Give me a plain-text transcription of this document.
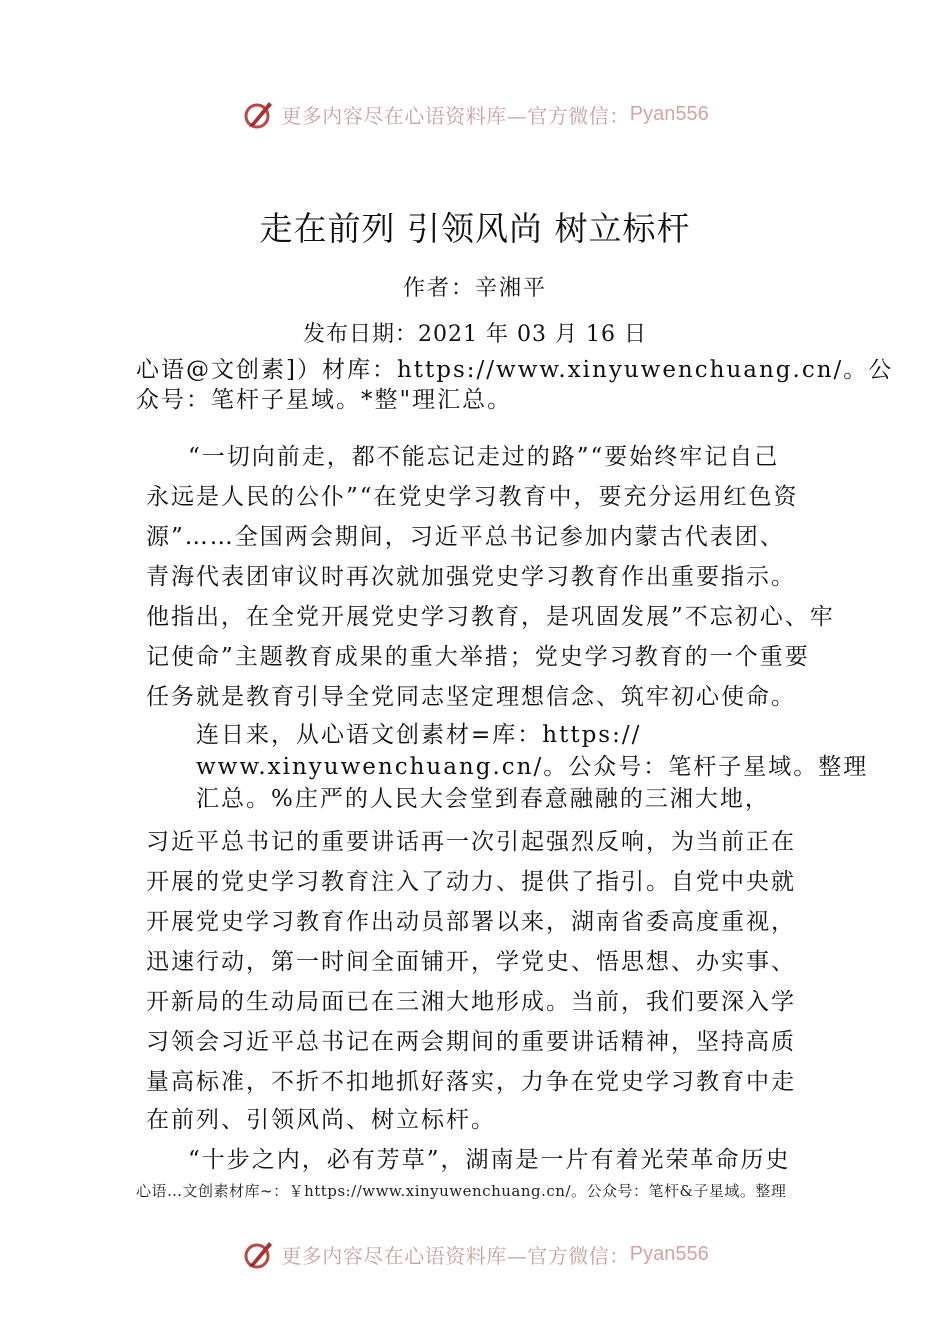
更多内容尽在心语资料库—官方微信： Pyan556
走在前列 引领风尚 树立标杆
作者：辛湘平
发布日期：2021 年 03 月 16 日
心语@文创素]）材库：https://www.xinyuwenchuang.cn/。公
众号：笔杆子星域。*整"理汇总。
“一切向前走，都不能忘记走过的路”“要始终牢记自己
永远是人民的公仆”“在党史学习教育中，要充分运用红色资
源”……全国两会期间，习近平总书记参加内蒙古代表团、
青海代表团审议时再次就加强党史学习教育作出重要指示。
他指出，在全党开展党史学习教育，是巩固发展”不忘初心、牢
记使命”主题教育成果的重大举措；党史学习教育的一个重要
任务就是教育引导全党同志坚定理想信念、筑牢初心使命。
连日来，从心语文创素材=库：https://
www.xinyuwenchuang.cn/。公众号：笔杆子星域。整理
汇总。%庄严的人民大会堂到春意融融的三湘大地，
习近平总书记的重要讲话再一次引起强烈反响，为当前正在
开展的党史学习教育注入了动力、提供了指引。自党中央就
开展党史学习教育作出动员部署以来，湖南省委高度重视，
迅速行动，第一时间全面铺开，学党史、悟思想、办实事、
开新局的生动局面已在三湘大地形成。当前，我们要深入学
习领会习近平总书记在两会期间的重要讲话精神，坚持高质
量高标准，不折不扣地抓好落实，力争在党史学习教育中走
在前列、引领风尚、树立标杆。
“十步之内，必有芳草”，湖南是一片有着光荣革命历史
心语…文创素材库~：￥https://www.xinyuwenchuang.cn/。公众号：笔杆&子星域。整理
更多内容尽在心语资料库—官方微信： Pyan556
